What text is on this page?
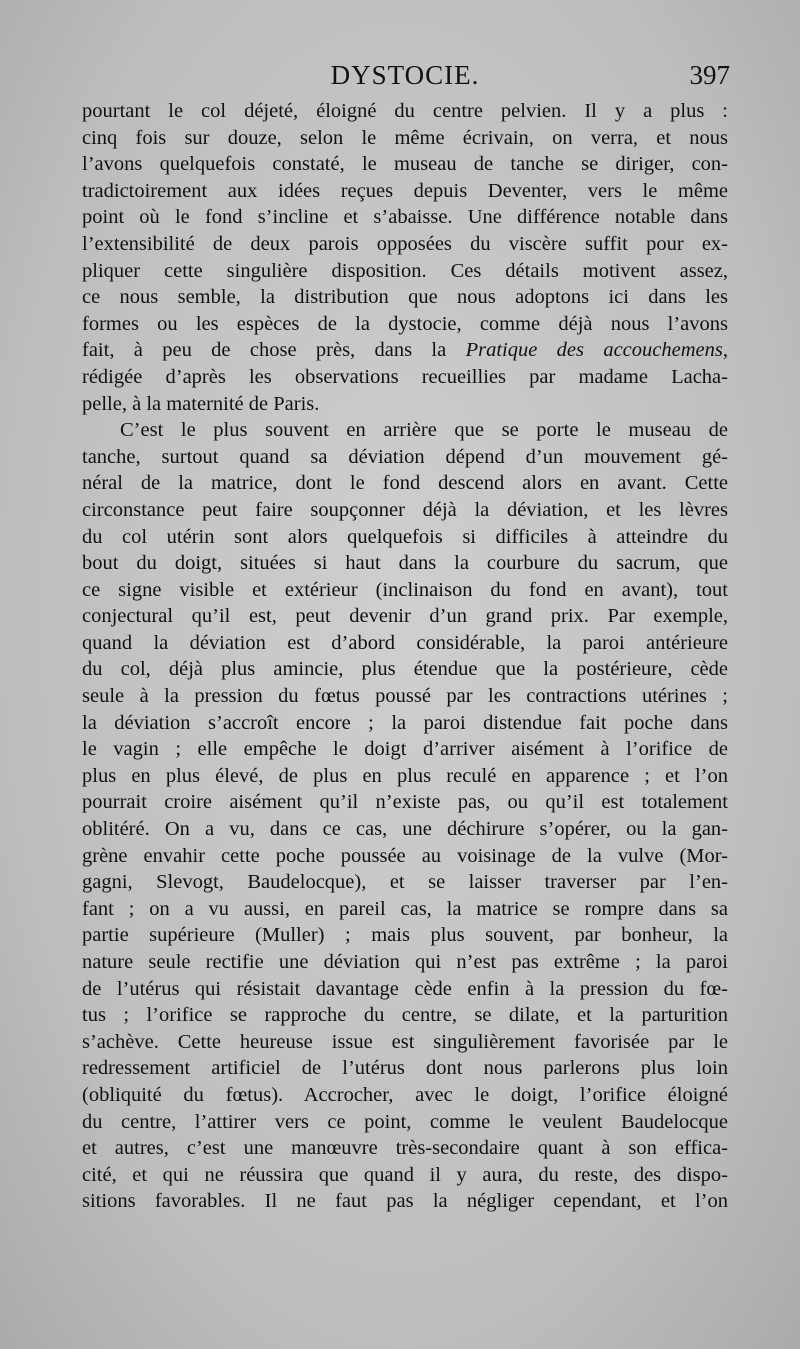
DYSTOCIE.	397
pourtant le col déjeté, éloigné du centre pelvien. Il y a plus :
cinq fois sur douze, selon le même écrivain, on verra, et nous
l’avons quelquefois constaté, le museau de tanche se diriger, con-
tradictoirement aux idées reçues depuis Deventer, vers le même
point où le fond s’incline et s’abaisse. Une différence notable dans
l’extensibilité de deux parois opposées du viscère suffit pour ex-
pliquer cette singulière disposition. Ces détails motivent assez,
ce nous semble, la distribution que nous adoptons ici dans les
formes ou les espèces de la dystocie, comme déjà nous l’avons
fait, à peu de chose près, dans la Pratique des accouchemens,
rédigée d’après les observations recueillies par madame Lacha-
pelle, à la maternité de Paris.
C’est le plus souvent en arrière que se porte le museau de
tanche, surtout quand sa déviation dépend d’un mouvement gé-
néral de la matrice, dont le fond descend alors en avant. Cette
circonstance peut faire soupçonner déjà la déviation, et les lèvres
du col utérin sont alors quelquefois si difficiles à atteindre du
bout du doigt, situées si haut dans la courbure du sacrum, que
ce signe visible et extérieur (inclinaison du fond en avant), tout
conjectural qu’il est, peut devenir d’un grand prix. Par exemple,
quand la déviation est d’abord considérable, la paroi antérieure
du col, déjà plus amincie, plus étendue que la postérieure, cède
seule à la pression du fœtus poussé par les contractions utérines ;
la déviation s’accroît encore ; la paroi distendue fait poche dans
le vagin ; elle empêche le doigt d’arriver aisément à l’orifice de
plus en plus élevé, de plus en plus reculé en apparence ; et l’on
pourrait croire aisément qu’il n’existe pas, ou qu’il est totalement
oblitéré. On a vu, dans ce cas, une déchirure s’opérer, ou la gan-
grène envahir cette poche poussée au voisinage de la vulve (Mor-
gagni, Slevogt, Baudelocque), et se laisser traverser par l’en-
fant ; on a vu aussi, en pareil cas, la matrice se rompre dans sa
partie supérieure (Muller) ; mais plus souvent, par bonheur, la
nature seule rectifie une déviation qui n’est pas extrême ; la paroi
de l’utérus qui résistait davantage cède enfin à la pression du fœ-
tus ; l’orifice se rapproche du centre, se dilate, et la parturition
s’achève. Cette heureuse issue est singulièrement favorisée par le
redressement artificiel de l’utérus dont nous parlerons plus loin
(obliquité du fœtus). Accrocher, avec le doigt, l’orifice éloigné
du centre, l’attirer vers ce point, comme le veulent Baudelocque
et autres, c’est une manœuvre très-secondaire quant à son effica-
cité, et qui ne réussira que quand il y aura, du reste, des dispo-
sitions favorables. Il ne faut pas la négliger cependant, et l’on
